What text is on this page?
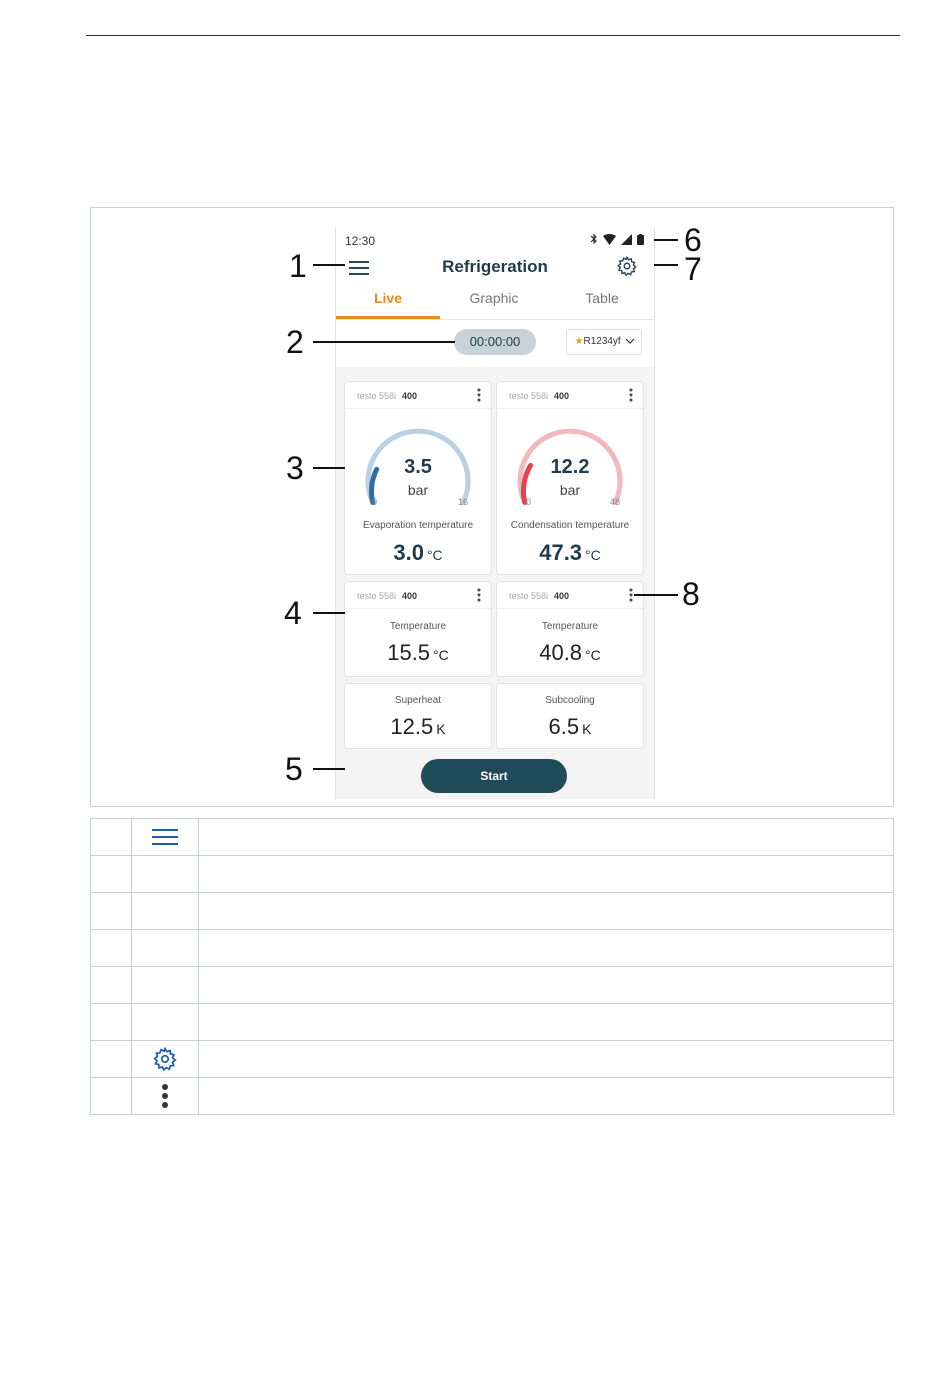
12:30
Refrigeration
Live	Graphic	Table
00:00:00	★R1234yf
testo 558i 400
3.5
bar
0	16
Evaporation temperature
3.0 °C
testo 558i 400
12.2
bar
0	48
Condensation temperature
47.3 °C
testo 558i 400
Temperature
15.5 °C
testo 558i 400
Temperature
40.8 °C
Superheat
12.5 K
Subcooling
6.5 K
Start
1
2
3
4
5
6
7
8
